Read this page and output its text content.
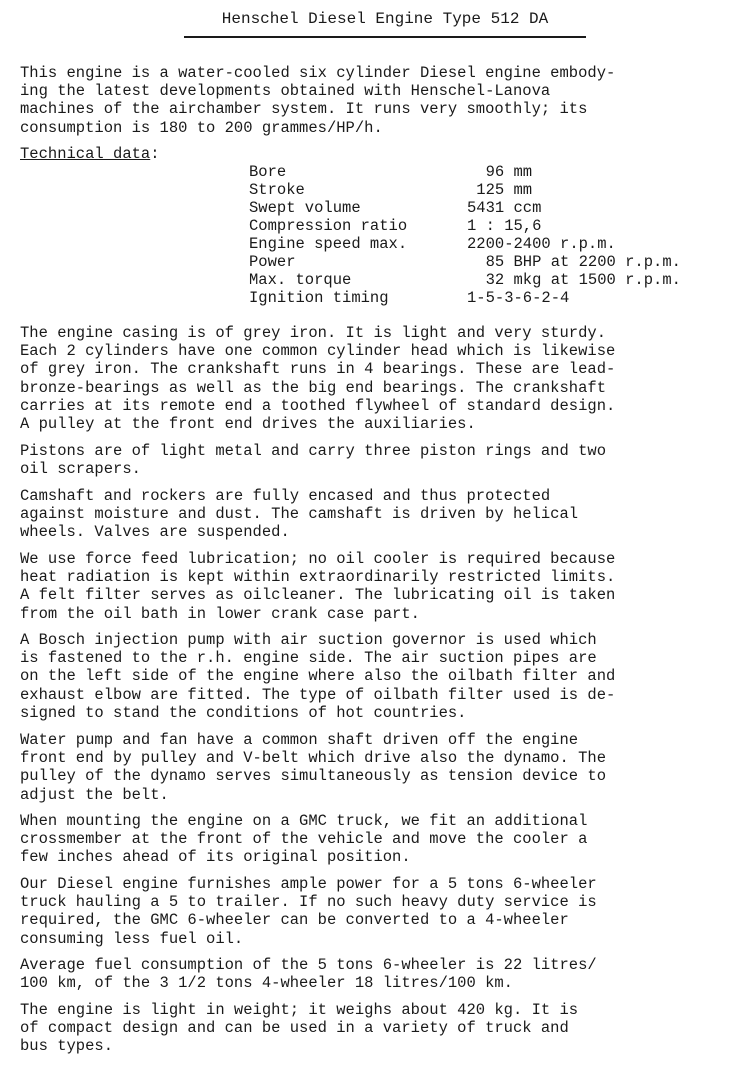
Henschel Diesel Engine Type 512 DA

This engine is a water-cooled six cylinder Diesel engine embody-
ing the latest developments obtained with Henschel-Lanova
machines of the airchamber system. It runs very smoothly; its
consumption is 180 to 200 grammes/HP/h.

Technical data:
Bore	96 mm
Stroke	125 mm
Swept volume	5431 ccm
Compression ratio	1 : 15,6
Engine speed max.	2200-2400 r.p.m.
Power	85 BHP at 2200 r.p.m.
Max. torque	32 mkg at 1500 r.p.m.
Ignition timing	1-5-3-6-2-4

The engine casing is of grey iron. It is light and very sturdy.
Each 2 cylinders have one common cylinder head which is likewise
of grey iron. The crankshaft runs in 4 bearings. These are lead-
bronze-bearings as well as the big end bearings. The crankshaft
carries at its remote end a toothed flywheel of standard design.
A pulley at the front end drives the auxiliaries.

Pistons are of light metal and carry three piston rings and two
oil scrapers.

Camshaft and rockers are fully encased and thus protected
against moisture and dust. The camshaft is driven by helical
wheels. Valves are suspended.

We use force feed lubrication; no oil cooler is required because
heat radiation is kept within extraordinarily restricted limits.
A felt filter serves as oilcleaner. The lubricating oil is taken
from the oil bath in lower crank case part.

A Bosch injection pump with air suction governor is used which
is fastened to the r.h. engine side. The air suction pipes are
on the left side of the engine where also the oilbath filter and
exhaust elbow are fitted. The type of oilbath filter used is de-
signed to stand the conditions of hot countries.

Water pump and fan have a common shaft driven off the engine
front end by pulley and V-belt which drive also the dynamo. The
pulley of the dynamo serves simultaneously as tension device to
adjust the belt.

When mounting the engine on a GMC truck, we fit an additional
crossmember at the front of the vehicle and move the cooler a
few inches ahead of its original position.

Our Diesel engine furnishes ample power for a 5 tons 6-wheeler
truck hauling a 5 to trailer. If no such heavy duty service is
required, the GMC 6-wheeler can be converted to a 4-wheeler
consuming less fuel oil.

Average fuel consumption of the 5 tons 6-wheeler is 22 litres/
100 km, of the 3 1/2 tons 4-wheeler 18 litres/100 km.

The engine is light in weight; it weighs about 420 kg. It is
of compact design and can be used in a variety of truck and
bus types.
